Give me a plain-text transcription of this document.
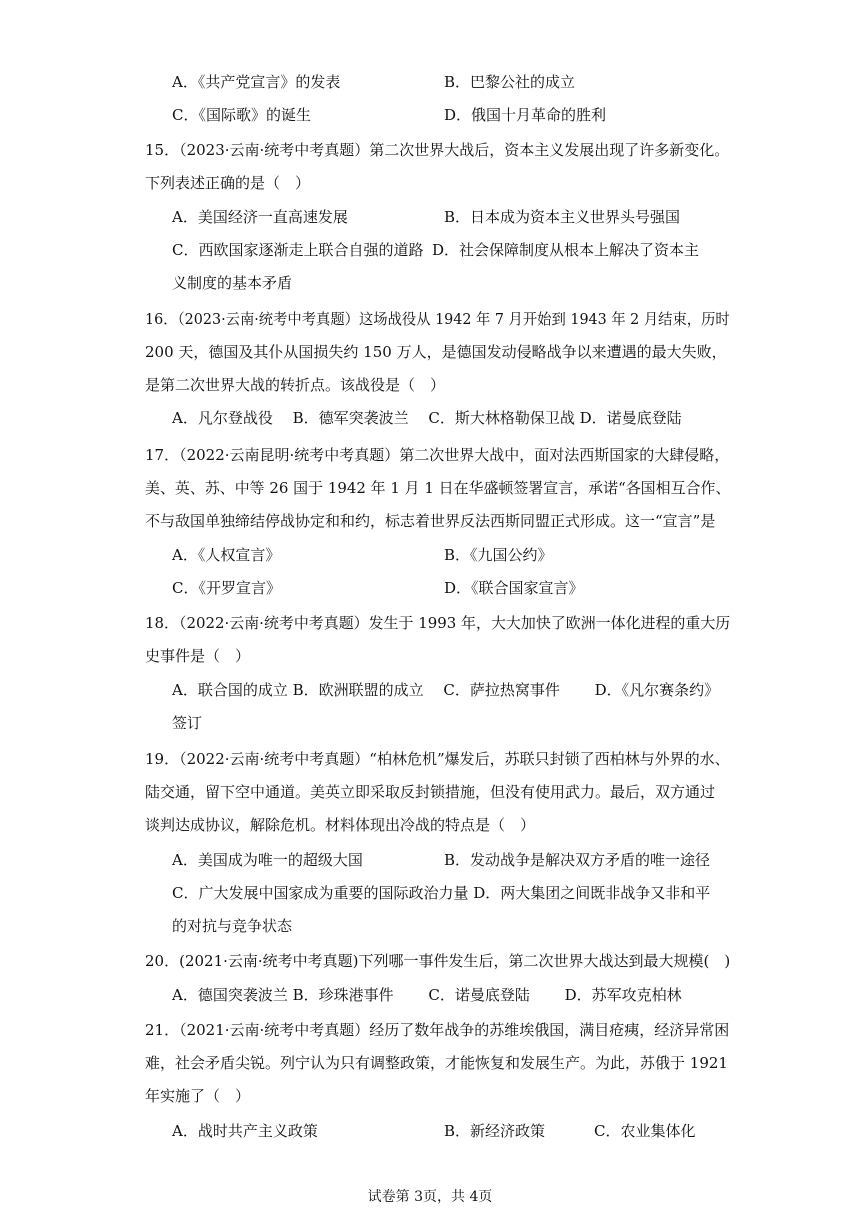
A．《共产党宣言》的发表	B．巴黎公社的成立
C．《国际歌》的诞生	D．俄国十月革命的胜利
15．（2023·云南·统考中考真题）第二次世界大战后，资本主义发展出现了许多新变化。
下列表述正确的是（　）
A．美国经济一直高速发展	B．日本成为资本主义世界头号强国
C．西欧国家逐渐走上联合自强的道路 D．社会保障制度从根本上解决了资本主
义制度的基本矛盾
16．（2023·云南·统考中考真题）这场战役从 1942 年 7 月开始到 1943 年 2 月结束，历时
200 天，德国及其仆从国损失约 150 万人，是德国发动侵略战争以来遭遇的最大失败，
是第二次世界大战的转折点。该战役是（　）
A．凡尔登战役　 B．德军突袭波兰　 C．斯大林格勒保卫战 D．诺曼底登陆
17．（2022·云南昆明·统考中考真题）第二次世界大战中，面对法西斯国家的大肆侵略，
美、英、苏、中等 26 国于 1942 年 1 月 1 日在华盛顿签署宣言，承诺“各国相互合作、
不与敌国单独缔结停战协定和和约，标志着世界反法西斯同盟正式形成。这一“宣言”是
A．《人权宣言》	B．《九国公约》
C．《开罗宣言》	D．《联合国家宣言》
18．（2022·云南·统考中考真题）发生于 1993 年，大大加快了欧洲一体化进程的重大历
史事件是（　）
A．联合国的成立 B．欧洲联盟的成立　 C．萨拉热窝事件　　 D．《凡尔赛条约》
签订
19．（2022·云南·统考中考真题）“柏林危机”爆发后，苏联只封锁了西柏林与外界的水、
陆交通，留下空中通道。美英立即采取反封锁措施，但没有使用武力。最后，双方通过
谈判达成协议，解除危机。材料体现出冷战的特点是（　）
A．美国成为唯一的超级大国	B．发动战争是解决双方矛盾的唯一途径
C．广大发展中国家成为重要的国际政治力量 D．两大集团之间既非战争又非和平
的对抗与竞争状态
20．(2021·云南·统考中考真题)下列哪一事件发生后，第二次世界大战达到最大规模(　)
A．德国突袭波兰 B．珍珠港事件　　 C．诺曼底登陆　　 D．苏军攻克柏林
21．（2021·云南·统考中考真题）经历了数年战争的苏维埃俄国，满目疮痍，经济异常困
难，社会矛盾尖锐。列宁认为只有调整政策，才能恢复和发展生产。为此，苏俄于 1921
年实施了（　）
A．战时共产主义政策	B．新经济政策	C．农业集体化
试卷第 3页，共 4页
